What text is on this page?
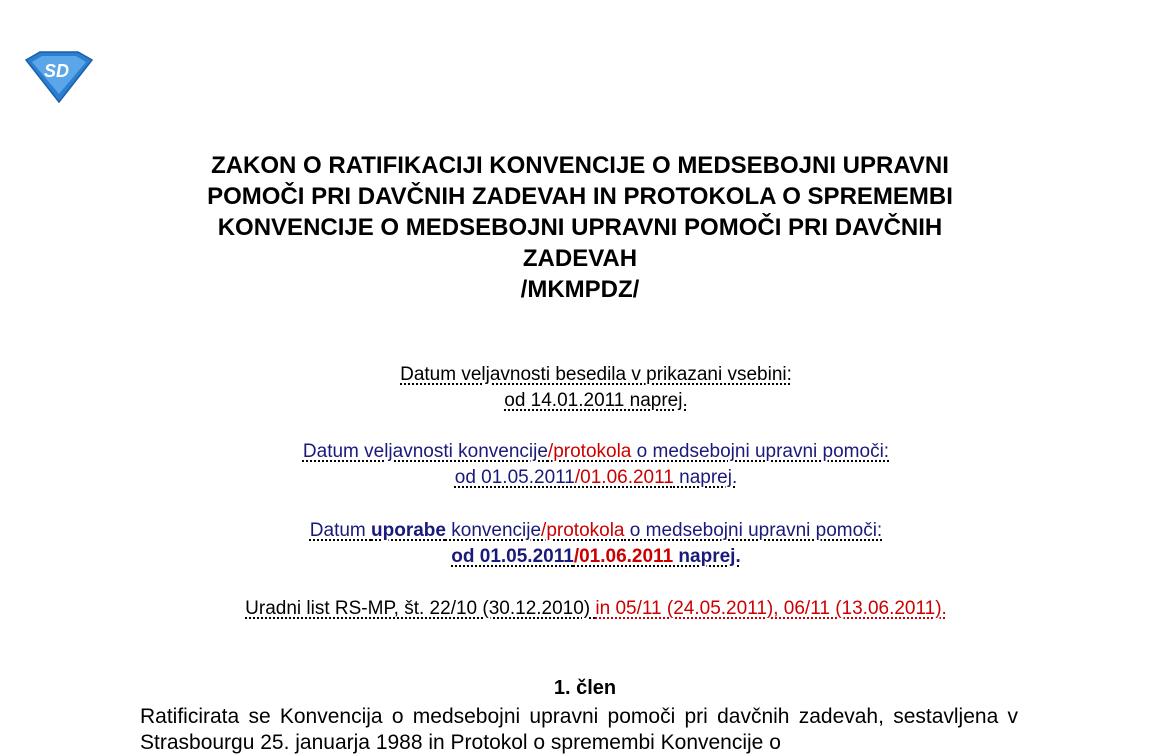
SD
ZAKON O RATIFIKACIJI KONVENCIJE O MEDSEBOJNI UPRAVNI
POMOČI PRI DAVČNIH ZADEVAH IN PROTOKOLA O SPREMEMBI
KONVENCIJE O MEDSEBOJNI UPRAVNI POMOČI PRI DAVČNIH
ZADEVAH
/MKMPDZ/
Datum veljavnosti besedila v prikazani vsebini:
od 14.01.2011 naprej.
Datum veljavnosti konvencije/protokola o medsebojni upravni pomoči:
od 01.05.2011/01.06.2011 naprej.
Datum uporabe konvencije/protokola o medsebojni upravni pomoči:
od 01.05.2011/01.06.2011 naprej.
Uradni list RS-MP, št. 22/10 (30.12.2010) in 05/11 (24.05.2011), 06/11 (13.06.2011).
1. člen
Ratificirata se Konvencija o medsebojni upravni pomoči pri davčnih zadevah, sestavljena v Strasbourgu 25. januarja 1988 in Protokol o spremembi Konvencije o
